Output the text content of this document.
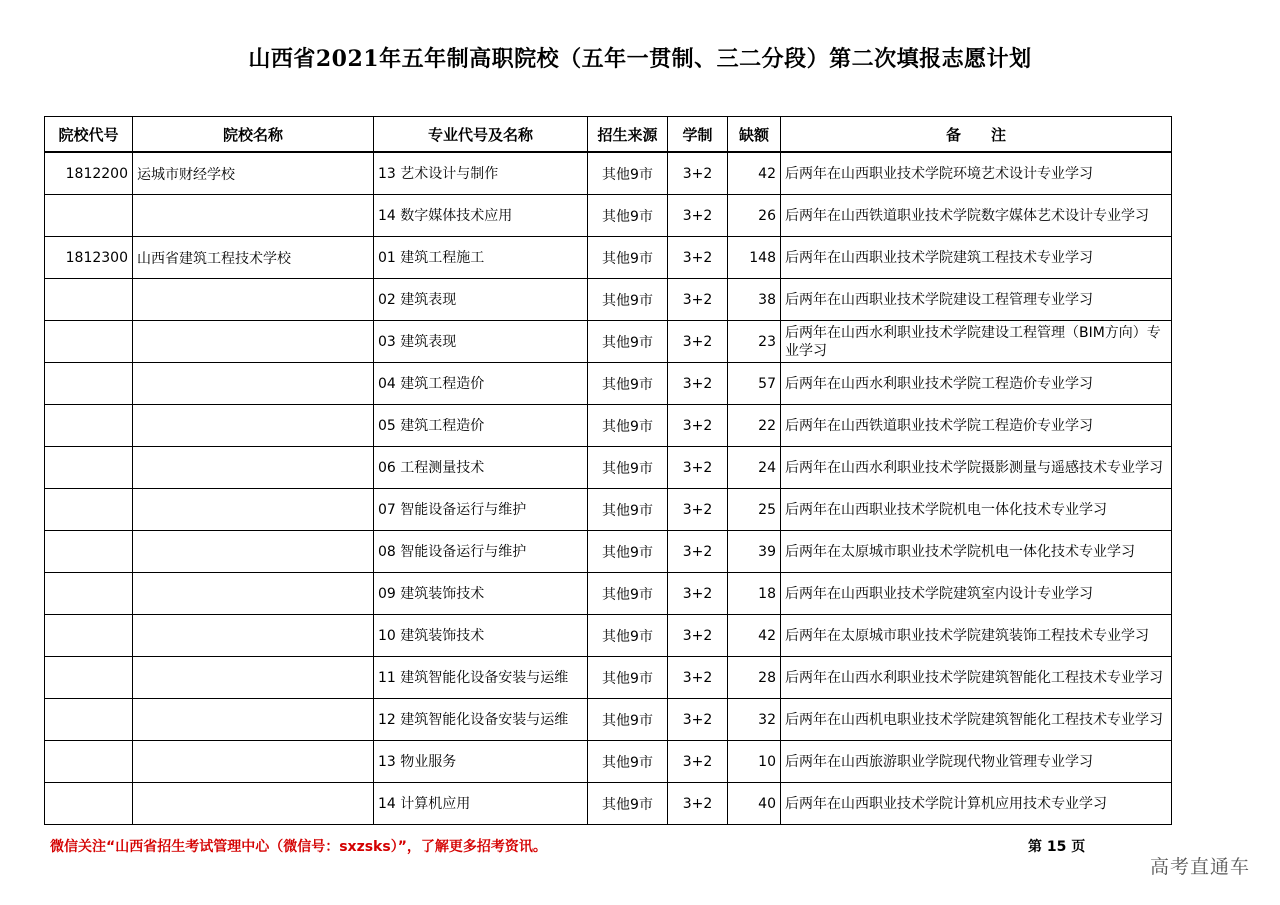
山西省2021年五年制高职院校（五年一贯制、三二分段）第二次填报志愿计划
院校代号	院校名称	专业代号及名称	招生来源	学制	缺额	备　　注
1812200	运城市财经学校	13 艺术设计与制作	其他9市	3+2	42	后两年在山西职业技术学院环境艺术设计专业学习
		14 数字媒体技术应用	其他9市	3+2	26	后两年在山西铁道职业技术学院数字媒体艺术设计专业学习
1812300	山西省建筑工程技术学校	01 建筑工程施工	其他9市	3+2	148	后两年在山西职业技术学院建筑工程技术专业学习
		02 建筑表现	其他9市	3+2	38	后两年在山西职业技术学院建设工程管理专业学习
		03 建筑表现	其他9市	3+2	23	后两年在山西水利职业技术学院建设工程管理（BIM方向）专业学习
		04 建筑工程造价	其他9市	3+2	57	后两年在山西水利职业技术学院工程造价专业学习
		05 建筑工程造价	其他9市	3+2	22	后两年在山西铁道职业技术学院工程造价专业学习
		06 工程测量技术	其他9市	3+2	24	后两年在山西水利职业技术学院摄影测量与遥感技术专业学习
		07 智能设备运行与维护	其他9市	3+2	25	后两年在山西职业技术学院机电一体化技术专业学习
		08 智能设备运行与维护	其他9市	3+2	39	后两年在太原城市职业技术学院机电一体化技术专业学习
		09 建筑装饰技术	其他9市	3+2	18	后两年在山西职业技术学院建筑室内设计专业学习
		10 建筑装饰技术	其他9市	3+2	42	后两年在太原城市职业技术学院建筑装饰工程技术专业学习
		11 建筑智能化设备安装与运维	其他9市	3+2	28	后两年在山西水利职业技术学院建筑智能化工程技术专业学习
		12 建筑智能化设备安装与运维	其他9市	3+2	32	后两年在山西机电职业技术学院建筑智能化工程技术专业学习
		13 物业服务	其他9市	3+2	10	后两年在山西旅游职业学院现代物业管理专业学习
		14 计算机应用	其他9市	3+2	40	后两年在山西职业技术学院计算机应用技术专业学习
微信关注“山西省招生考试管理中心（微信号：sxzsks）”，了解更多招考资讯。	第 15 页
高考直通车
